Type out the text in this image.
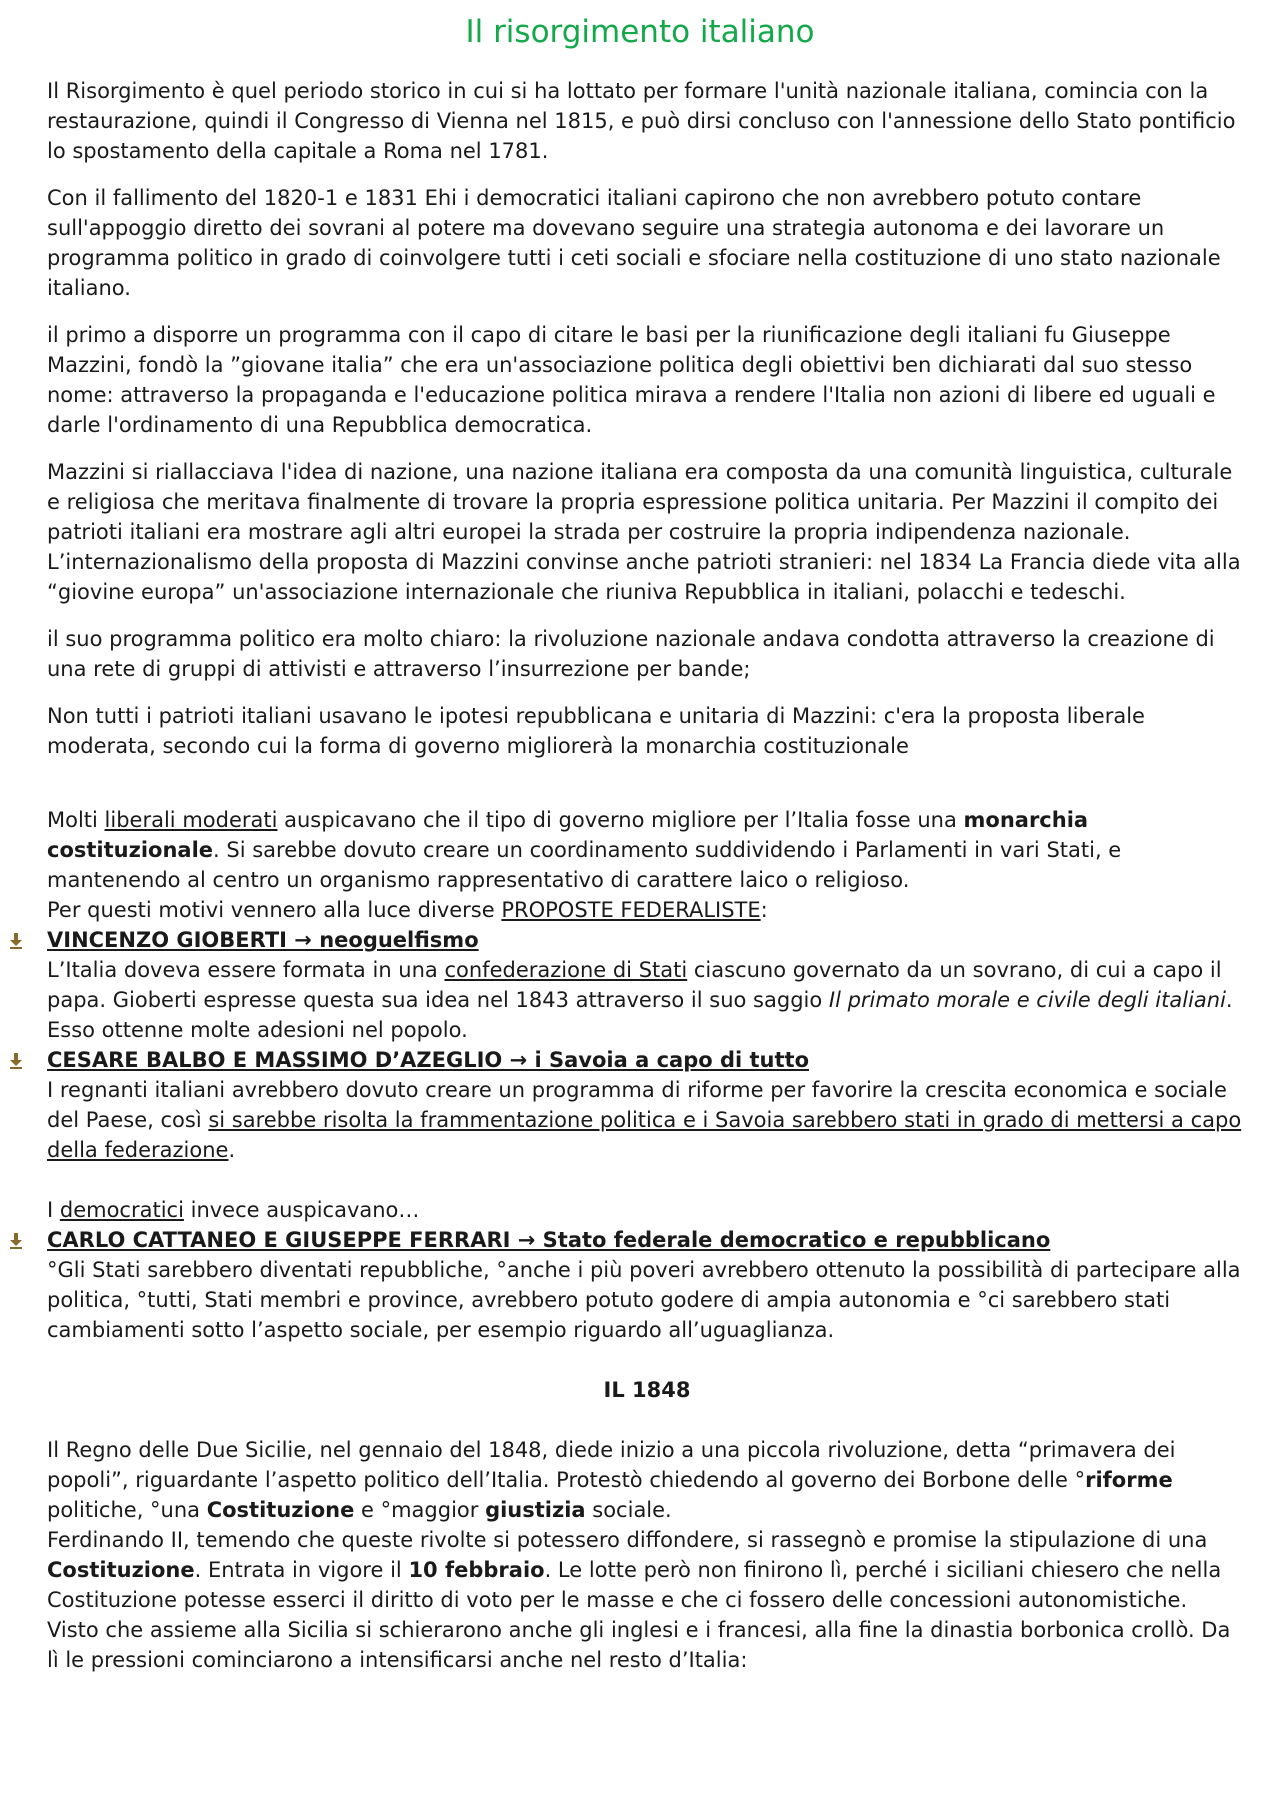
Il risorgimento italiano

Il Risorgimento è quel periodo storico in cui si ha lottato per formare l'unità nazionale italiana, comincia con la restaurazione, quindi il Congresso di Vienna nel 1815, e può dirsi concluso con l'annessione dello Stato pontificio lo spostamento della capitale a Roma nel 1781.

Con il fallimento del 1820-1 e 1831 Ehi i democratici italiani capirono che non avrebbero potuto contare sull'appoggio diretto dei sovrani al potere ma dovevano seguire una strategia autonoma e dei lavorare un programma politico in grado di coinvolgere tutti i ceti sociali e sfociare nella costituzione di uno stato nazionale italiano.

il primo a disporre un programma con il capo di citare le basi per la riunificazione degli italiani fu Giuseppe Mazzini, fondò la ”giovane italia” che era un'associazione politica degli obiettivi ben dichiarati dal suo stesso nome: attraverso la propaganda e l'educazione politica mirava a rendere l'Italia non azioni di libere ed uguali e darle l'ordinamento di una Repubblica democratica.

Mazzini si riallacciava l'idea di nazione, una nazione italiana era composta da una comunità linguistica, culturale e religiosa che meritava finalmente di trovare la propria espressione politica unitaria. Per Mazzini il compito dei patrioti italiani era mostrare agli altri europei la strada per costruire la propria indipendenza nazionale. L’internazionalismo della proposta di Mazzini convinse anche patrioti stranieri: nel 1834 La Francia diede vita alla “giovine europa” un'associazione internazionale che riuniva Repubblica in italiani, polacchi e tedeschi.

il suo programma politico era molto chiaro: la rivoluzione nazionale andava condotta attraverso la creazione di una rete di gruppi di attivisti e attraverso l’insurrezione per bande;

Non tutti i patrioti italiani usavano le ipotesi repubblicana e unitaria di Mazzini: c'era la proposta liberale moderata, secondo cui la forma di governo migliorerà la monarchia costituzionale

Molti liberali moderati auspicavano che il tipo di governo migliore per l’Italia fosse una monarchia costituzionale. Si sarebbe dovuto creare un coordinamento suddividendo i Parlamenti in vari Stati, e mantenendo al centro un organismo rappresentativo di carattere laico o religioso.

Per questi motivi vennero alla luce diverse PROPOSTE FEDERALISTE:

VINCENZO GIOBERTI → neoguelfismo

L’Italia doveva essere formata in una confederazione di Stati ciascuno governato da un sovrano, di cui a capo il papa. Gioberti espresse questa sua idea nel 1843 attraverso il suo saggio Il primato morale e civile degli italiani. Esso ottenne molte adesioni nel popolo.

CESARE BALBO E MASSIMO D’AZEGLIO → i Savoia a capo di tutto

I regnanti italiani avrebbero dovuto creare un programma di riforme per favorire la crescita economica e sociale del Paese, così si sarebbe risolta la frammentazione politica e i Savoia sarebbero stati in grado di mettersi a capo della federazione.

I democratici invece auspicavano…

CARLO CATTANEO E GIUSEPPE FERRARI → Stato federale democratico e repubblicano

°Gli Stati sarebbero diventati repubbliche, °anche i più poveri avrebbero ottenuto la possibilità di partecipare alla politica, °tutti, Stati membri e province, avrebbero potuto godere di ampia autonomia e °ci sarebbero stati cambiamenti sotto l’aspetto sociale, per esempio riguardo all’uguaglianza.

IL 1848

Il Regno delle Due Sicilie, nel gennaio del 1848, diede inizio a una piccola rivoluzione, detta “primavera dei popoli”, riguardante l’aspetto politico dell’Italia. Protestò chiedendo al governo dei Borbone delle °riforme politiche, °una Costituzione e °maggior giustizia sociale.

Ferdinando II, temendo che queste rivolte si potessero diffondere, si rassegnò e promise la stipulazione di una Costituzione. Entrata in vigore il 10 febbraio. Le lotte però non finirono lì, perché i siciliani chiesero che nella Costituzione potesse esserci il diritto di voto per le masse e che ci fossero delle concessioni autonomistiche.

Visto che assieme alla Sicilia si schierarono anche gli inglesi e i francesi, alla fine la dinastia borbonica crollò. Da lì le pressioni cominciarono a intensificarsi anche nel resto d’Italia:
